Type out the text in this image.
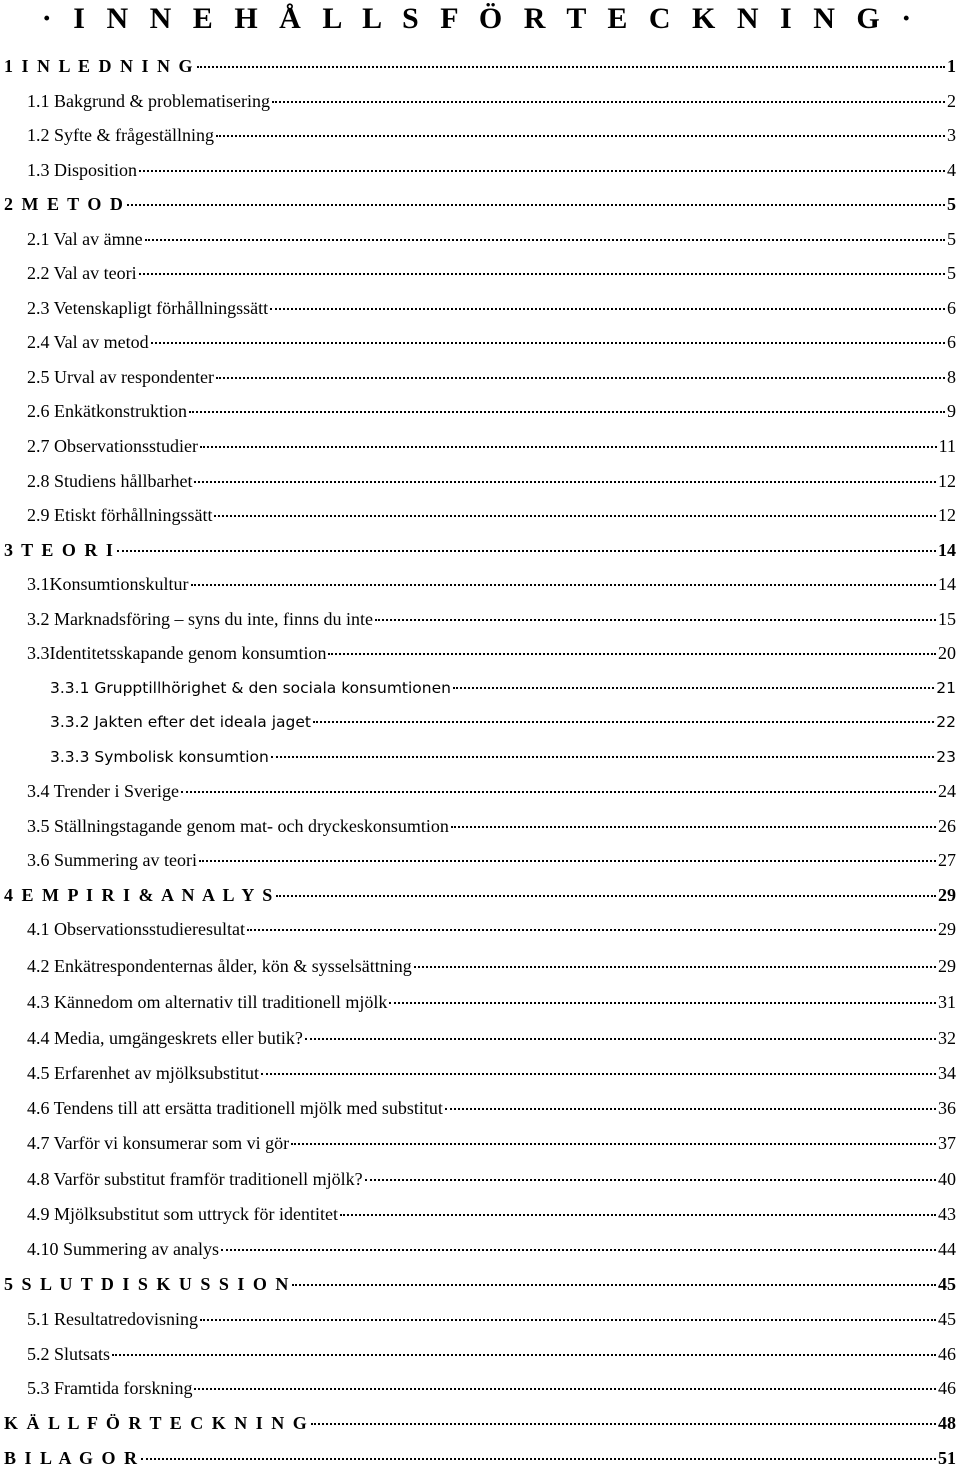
· I N N E H Å L L S F Ö R T E C K N I N G ·
1 I N L E D N I N G	1
1.1 Bakgrund & problematisering	2
1.2 Syfte & frågeställning	3
1.3 Disposition	4
2 M E T O D	5
2.1 Val av ämne	5
2.2 Val av teori	5
2.3 Vetenskapligt förhållningssätt	6
2.4 Val av metod	6
2.5 Urval av respondenter	8
2.6 Enkätkonstruktion	9
2.7 Observationsstudier	11
2.8 Studiens hållbarhet	12
2.9 Etiskt förhållningssätt	12
3 T E O R I	14
3.1Konsumtionskultur	14
3.2 Marknadsföring – syns du inte, finns du inte	15
3.3Identitetsskapande genom konsumtion	20
3.3.1 Grupptillhörighet & den sociala konsumtionen	21
3.3.2 Jakten efter det ideala jaget	22
3.3.3 Symbolisk konsumtion	23
3.4 Trender i Sverige	24
3.5 Ställningstagande genom mat- och dryckeskonsumtion	26
3.6 Summering av teori	27
4 E M P I R I & A N A L Y S	29
4.1 Observationsstudieresultat	29
4.2 Enkätrespondenternas ålder, kön & sysselsättning	29
4.3 Kännedom om alternativ till traditionell mjölk	31
4.4 Media, umgängeskrets eller butik?	32
4.5 Erfarenhet av mjölksubstitut	34
4.6 Tendens till att ersätta traditionell mjölk med substitut	36
4.7 Varför vi konsumerar som vi gör	37
4.8 Varför substitut framför traditionell mjölk?	40
4.9 Mjölksubstitut som uttryck för identitet	43
4.10 Summering av analys	44
5 S L U T D I S K U S S I O N	45
5.1 Resultatredovisning	45
5.2 Slutsats	46
5.3 Framtida forskning	46
K Ä L L F Ö R T E C K N I N G	48
B I L A G O R	51
